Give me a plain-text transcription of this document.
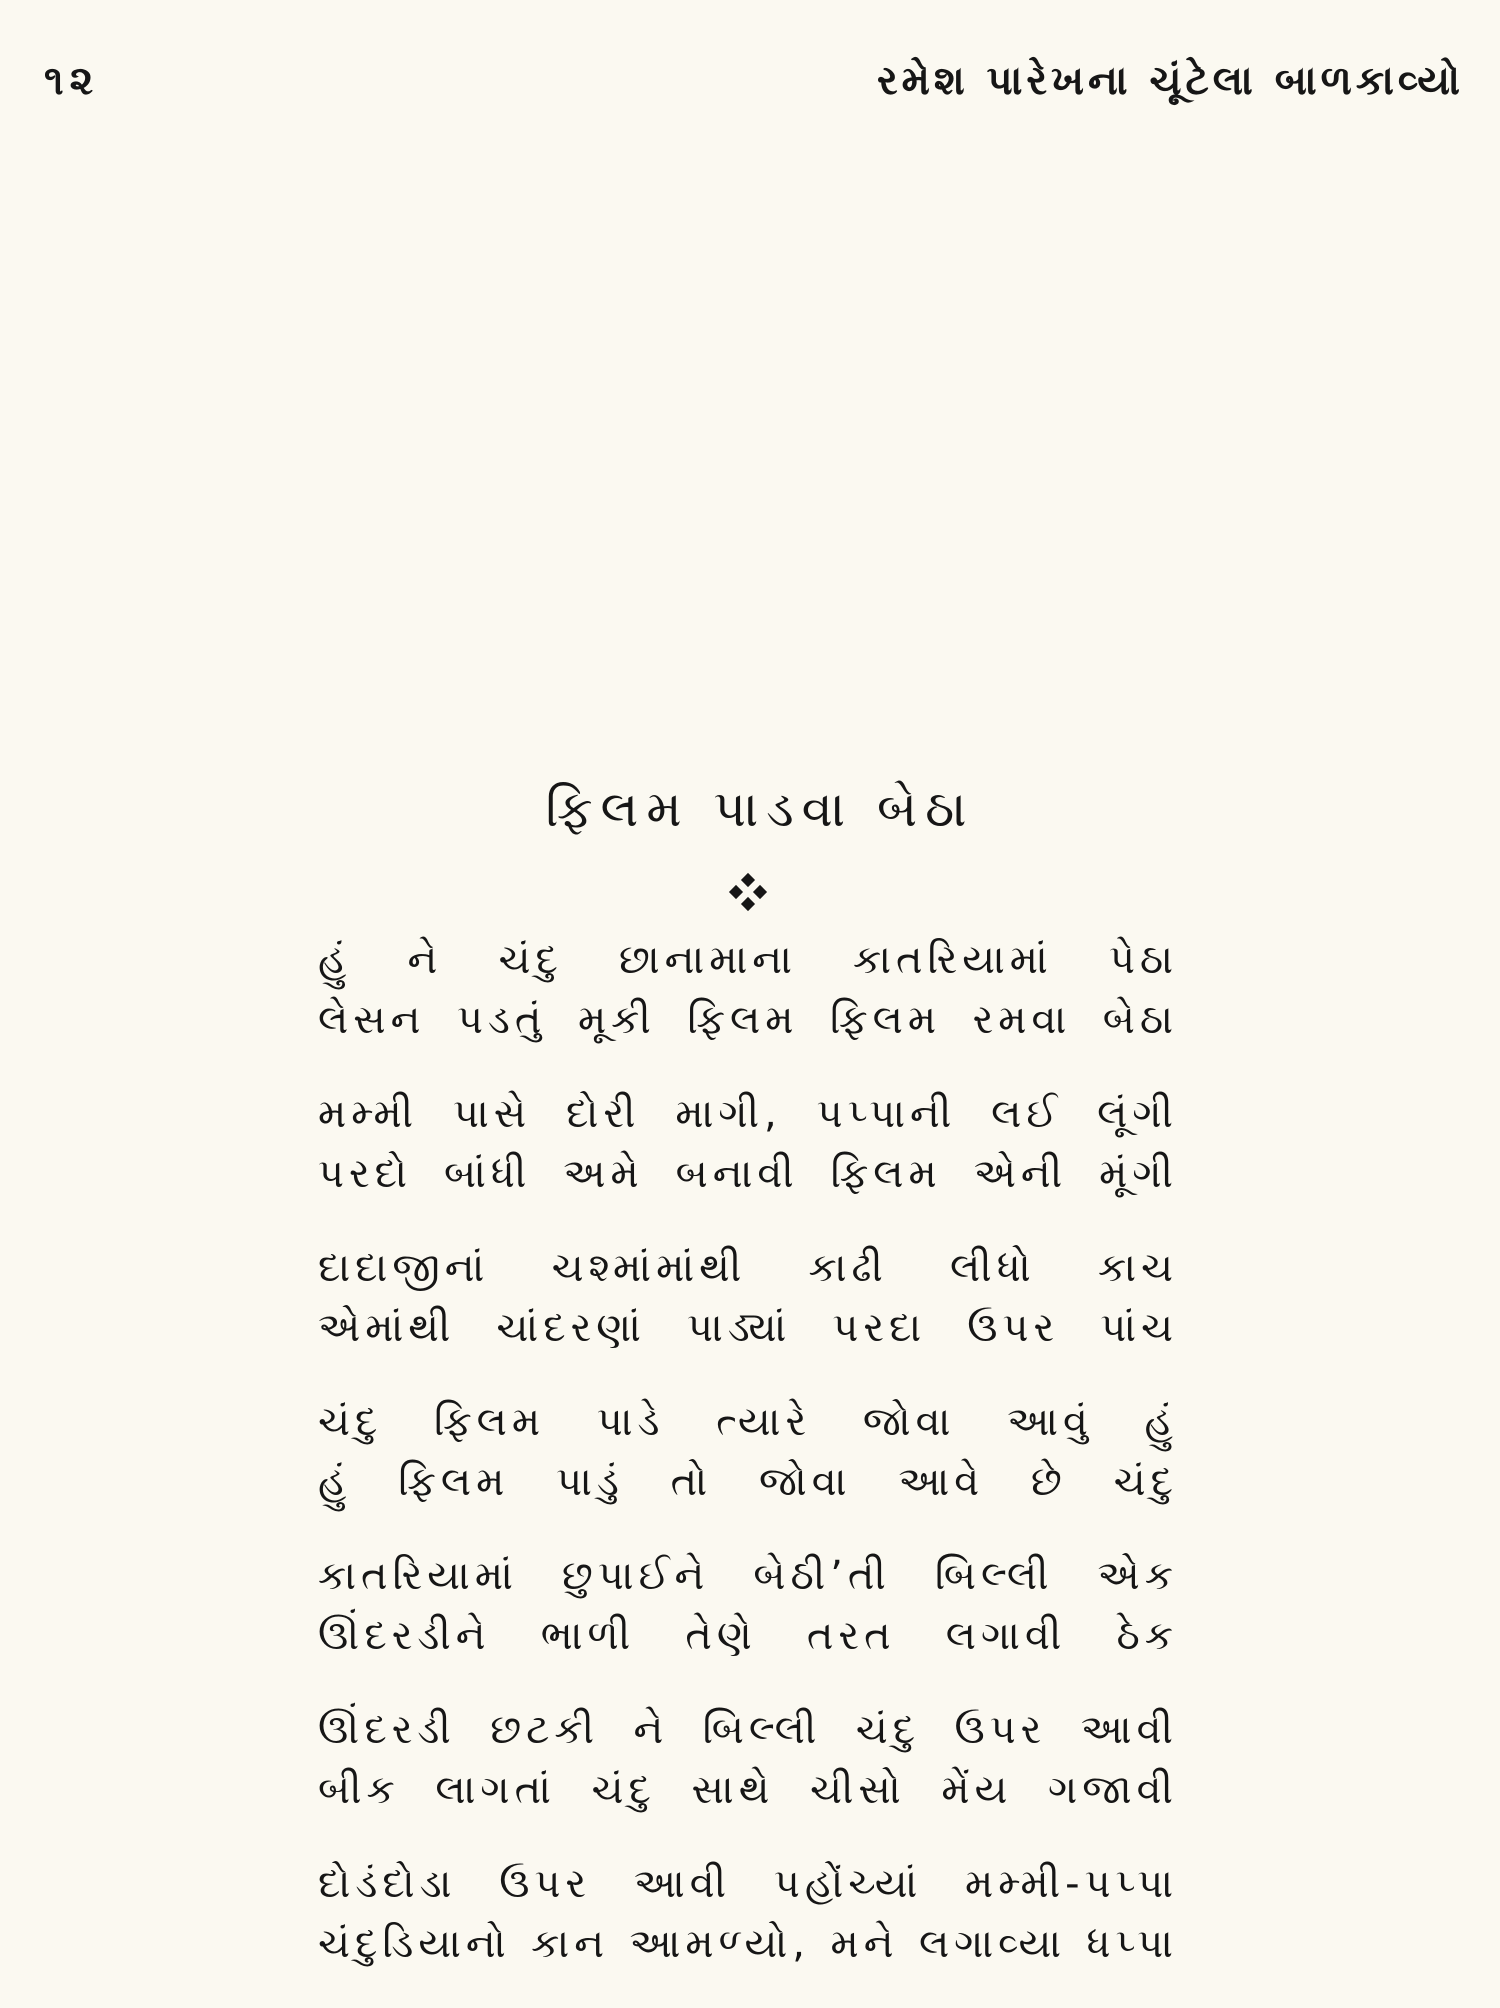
૧૨	રમેશ પારેખના ચૂંટેલા બાળકાવ્યો
ફિલમ પાડવા બેઠા
હું ને ચંદુ છાનામાના કાતરિયામાં પેઠા
લેસન પડતું મૂકી ફિલમ ફિલમ રમવા બેઠા
મમ્મી પાસે દોરી માગી, પપ્પાની લઈ લૂંગી
પરદો બાંધી અમે બનાવી ફિલમ એની મૂંગી
દાદાજીનાં ચશ્માંમાંથી કાઢી લીધો કાચ
એમાંથી ચાંદરણાં પાડ્યાં પરદા ઉપર પાંચ
ચંદુ ફિલમ પાડે ત્યારે જોવા આવું હું
હું ફિલમ પાડું તો જોવા આવે છે ચંદુ
કાતરિયામાં છુપાઈને બેઠી’તી બિલ્લી એક
ઊંદરડીને ભાળી તેણે તરત લગાવી ઠેક
ઊંદરડી છટકી ને બિલ્લી ચંદુ ઉપર આવી
બીક લાગતાં ચંદુ સાથે ચીસો મેંય ગજાવી
દોડંદોડા ઉપર આવી પહોંચ્યાં મમ્મી-પપ્પા
ચંદુડિયાનો કાન આમળ્યો, મને લગાવ્યા ધપ્પા
